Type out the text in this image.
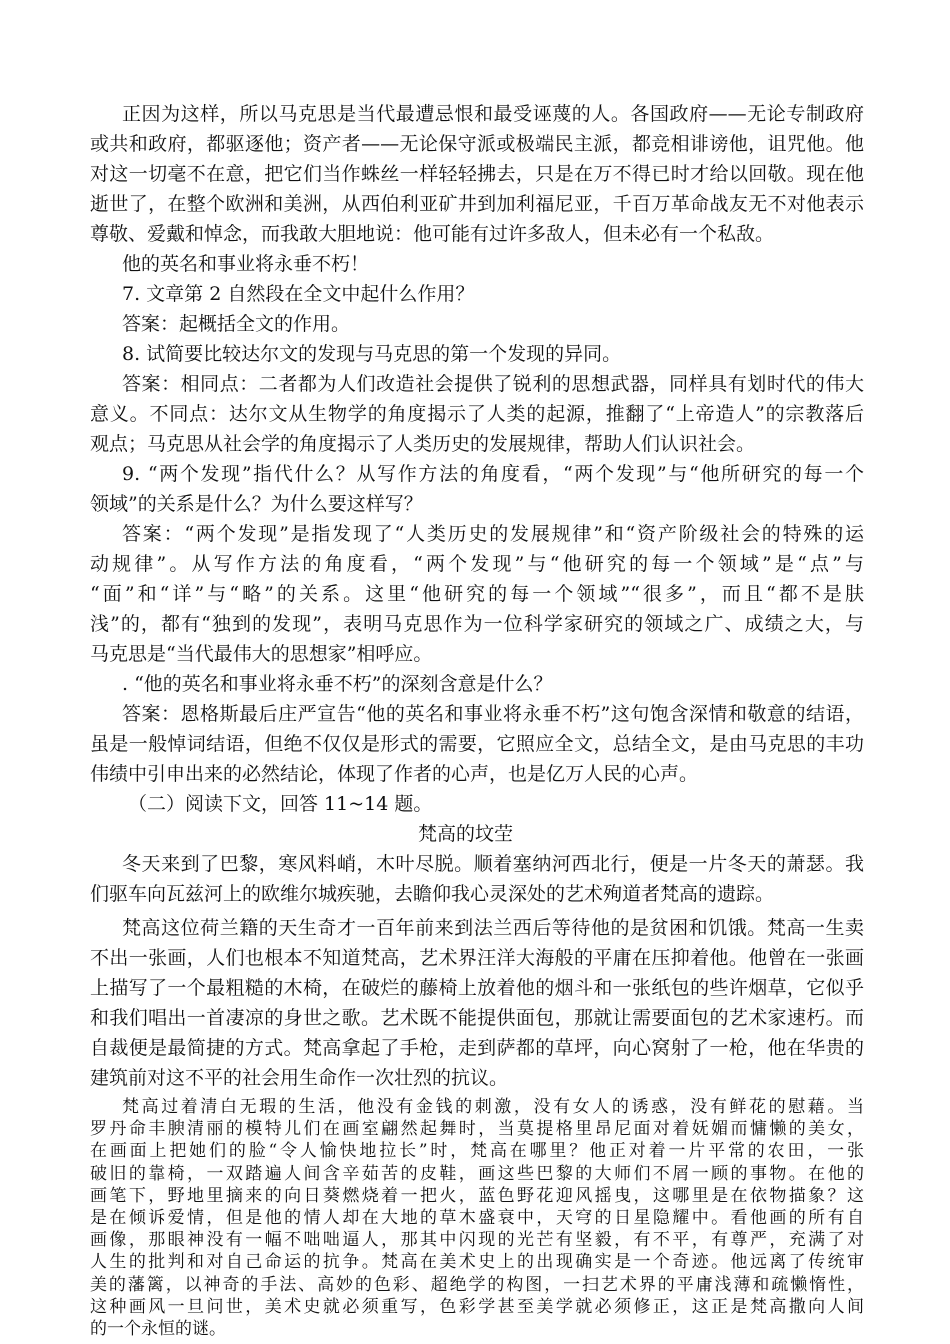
正因为这样，所以马克思是当代最遭忌恨和最受诬蔑的人。各国政府——无论专制政府
或共和政府，都驱逐他；资产者——无论保守派或极端民主派，都竞相诽谤他，诅咒他。他
对这一切毫不在意，把它们当作蛛丝一样轻轻拂去，只是在万不得已时才给以回敬。现在他
逝世了，在整个欧洲和美洲，从西伯利亚矿井到加利福尼亚，千百万革命战友无不对他表示
尊敬、爱戴和悼念，而我敢大胆地说：他可能有过许多敌人，但未必有一个私敌。
他的英名和事业将永垂不朽！
7. 文章第 2 自然段在全文中起什么作用？
答案：起概括全文的作用。
8. 试简要比较达尔文的发现与马克思的第一个发现的异同。
答案：相同点：二者都为人们改造社会提供了锐利的思想武器，同样具有划时代的伟大
意义。不同点：达尔文从生物学的角度揭示了人类的起源，推翻了“上帝造人”的宗教落后
观点；马克思从社会学的角度揭示了人类历史的发展规律，帮助人们认识社会。
9. “两个发现”指代什么？从写作方法的角度看，“两个发现”与“他所研究的每一个
领域”的关系是什么？为什么要这样写？
答案：“两个发现”是指发现了“人类历史的发展规律”和“资产阶级社会的特殊的运
动规律”。从写作方法的角度看，“两个发现”与“他研究的每一个领域”是“点”与
“面”和“详”与“略”的关系。这里“他研究的每一个领域”“很多”，而且“都不是肤
浅”的，都有“独到的发现”，表明马克思作为一位科学家研究的领域之广、成绩之大，与
马克思是“当代最伟大的思想家”相呼应。
. “他的英名和事业将永垂不朽”的深刻含意是什么？
答案：恩格斯最后庄严宣告“他的英名和事业将永垂不朽”这句饱含深情和敬意的结语，
虽是一般悼词结语，但绝不仅仅是形式的需要，它照应全文，总结全文，是由马克思的丰功
伟绩中引申出来的必然结论，体现了作者的心声，也是亿万人民的心声。
（二）阅读下文，回答 11~14 题。
梵高的坟茔
冬天来到了巴黎，寒风料峭，木叶尽脱。顺着塞纳河西北行，便是一片冬天的萧瑟。我
们驱车向瓦兹河上的欧维尔城疾驰，去瞻仰我心灵深处的艺术殉道者梵高的遗踪。
梵高这位荷兰籍的天生奇才一百年前来到法兰西后等待他的是贫困和饥饿。梵高一生卖
不出一张画，人们也根本不知道梵高，艺术界汪洋大海般的平庸在压抑着他。他曾在一张画
上描写了一个最粗糙的木椅，在破烂的藤椅上放着他的烟斗和一张纸包的些许烟草，它似乎
和我们唱出一首凄凉的身世之歌。艺术既不能提供面包，那就让需要面包的艺术家速朽。而
自裁便是最简捷的方式。梵高拿起了手枪，走到萨都的草坪，向心窝射了一枪，他在华贵的
建筑前对这不平的社会用生命作一次壮烈的抗议。
梵高过着清白无瑕的生活，他没有金钱的刺激，没有女人的诱惑，没有鲜花的慰藉。当
罗丹命丰腴清丽的模特儿们在画室翩然起舞时，当莫提格里昂尼面对着妩媚而慵懒的美女，
在画面上把她们的脸“令人愉快地拉长”时，梵高在哪里？他正对着一片平常的农田，一张
破旧的靠椅，一双踏遍人间含辛茹苦的皮鞋，画这些巴黎的大师们不屑一顾的事物。在他的
画笔下，野地里摘来的向日葵燃烧着一把火，蓝色野花迎风摇曳，这哪里是在依物描象？这
是在倾诉爱情，但是他的情人却在大地的草木盛衰中，天穹的日星隐耀中。看他画的所有自
画像，那眼神没有一幅不咄咄逼人，那其中闪现的光芒有坚毅，有不平，有尊严，充满了对
人生的批判和对自己命运的抗争。梵高在美术史上的出现确实是一个奇迹。他远离了传统审
美的藩篱，以神奇的手法、高妙的色彩、超绝学的构图，一扫艺术界的平庸浅薄和疏懒惰性，
这种画风一旦问世，美术史就必须重写，色彩学甚至美学就必须修正，这正是梵高撒向人间
的一个永恒的谜。
